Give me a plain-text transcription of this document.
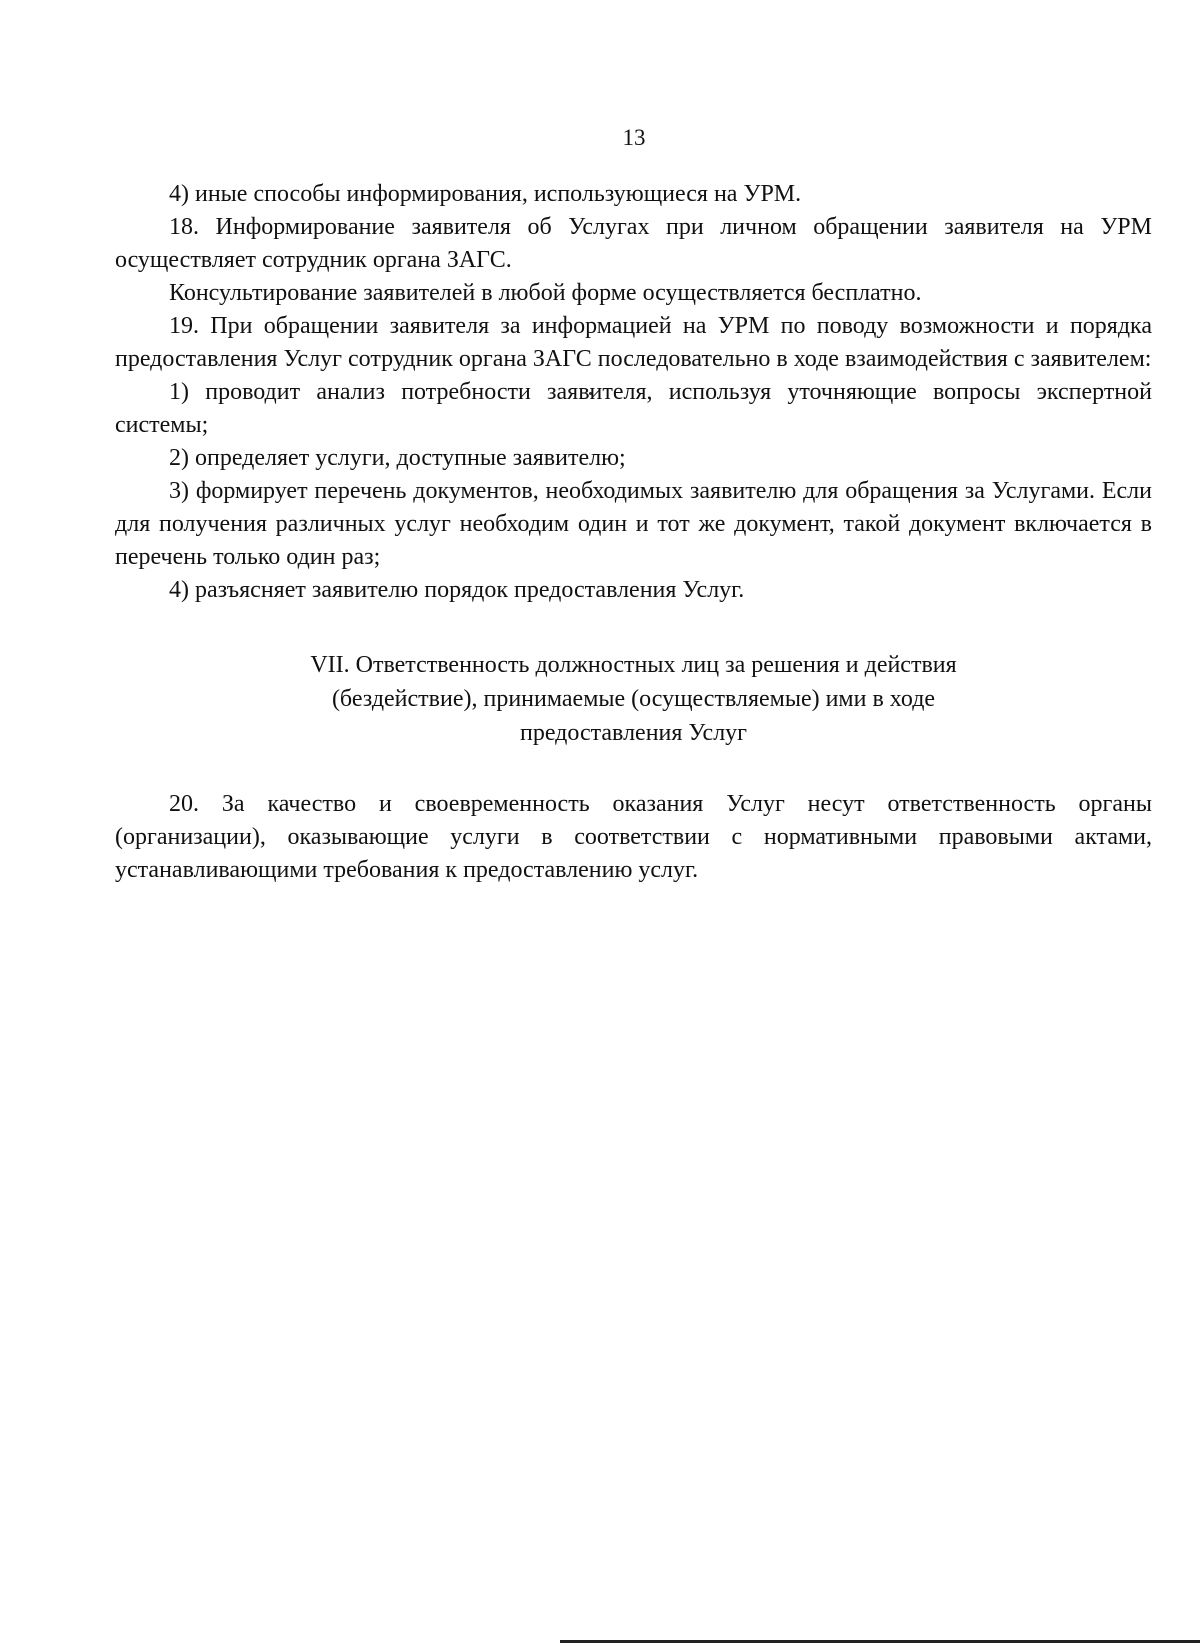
13

4) иные способы информирования, использующиеся на УРМ.

18. Информирование заявителя об Услугах при личном обращении заявителя на УРМ осуществляет сотрудник органа ЗАГС.

Консультирование заявителей в любой форме осуществляется бесплатно.

19. При обращении заявителя за информацией на УРМ по поводу возможности и порядка предоставления Услуг сотрудник органа ЗАГС последовательно в ходе взаимодействия с заявителем:

1) проводит анализ потребности заявителя, используя уточняющие вопросы экспертной системы;

2) определяет услуги, доступные заявителю;

3) формирует перечень документов, необходимых заявителю для обращения за Услугами. Если для получения различных услуг необходим один и тот же документ, такой документ включается в перечень только один раз;

4) разъясняет заявителю порядок предоставления Услуг.

VII. Ответственность должностных лиц за решения и действия
(бездействие), принимаемые (осуществляемые) ими в ходе
предоставления Услуг

20. За качество и своевременность оказания Услуг несут ответственность органы (организации), оказывающие услуги в соответствии с нормативными правовыми актами, устанавливающими требования к предоставлению услуг.
